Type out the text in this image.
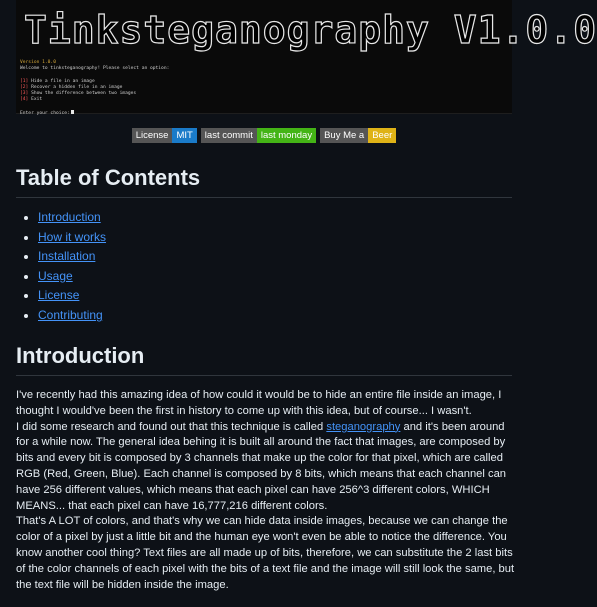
Tinksteganography V1.0.0
Version 1.0.0
Welcome to tinksteganography! Please select an option:

[1] Hide a file in an image
[2] Recover a hidden file in an image
[3] Show the difference between two images
[4] Exit

Enter your choice:
License MIT	last commit last monday	Buy Me a Beer
Table of Contents
• Introduction
• How it works
• Installation
• Usage
• License
• Contributing
Introduction
I've recently had this amazing idea of how could it would be to hide an entire file inside an image, I thought I would've been the first in history to come up with this idea, but of course... I wasn't.
I did some research and found out that this technique is called steganography and it's been around for a while now. The general idea behing it is built all around the fact that images, are composed by bits and every bit is composed by 3 channels that make up the color for that pixel, which are called RGB (Red, Green, Blue). Each channel is composed by 8 bits, which means that each channel can have 256 different values, which means that each pixel can have 256^3 different colors, WHICH MEANS... that each pixel can have 16,777,216 different colors.
That's A LOT of colors, and that's why we can hide data inside images, because we can change the color of a pixel by just a little bit and the human eye won't even be able to notice the difference. You know another cool thing? Text files are all made up of bits, therefore, we can substitute the 2 last bits of the color channels of each pixel with the bits of a text file and the image will still look the same, but the text file will be hidden inside the image.
